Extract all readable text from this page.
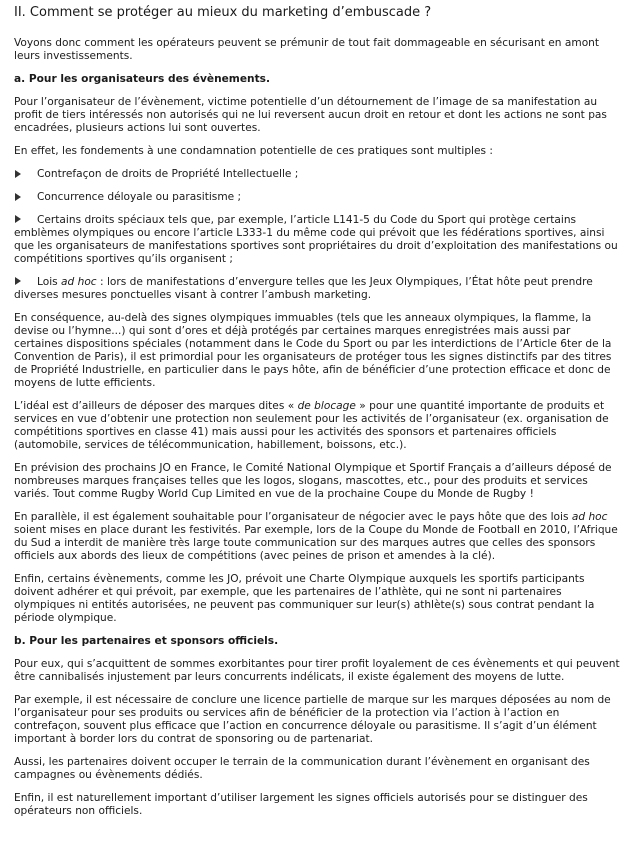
II. Comment se protéger au mieux du marketing d’embuscade ?

Voyons donc comment les opérateurs peuvent se prémunir de tout fait dommageable en sécurisant en amont leurs investissements.

a. Pour les organisateurs des évènements.

Pour l’organisateur de l’évènement, victime potentielle d’un détournement de l’image de sa manifestation au profit de tiers intéressés non autorisés qui ne lui reversent aucun droit en retour et dont les actions ne sont pas encadrées, plusieurs actions lui sont ouvertes.

En effet, les fondements à une condamnation potentielle de ces pratiques sont multiples :

Contrefaçon de droits de Propriété Intellectuelle ;
Concurrence déloyale ou parasitisme ;
Certains droits spéciaux tels que, par exemple, l’article L141-5 du Code du Sport qui protège certains emblèmes olympiques ou encore l’article L333-1 du même code qui prévoit que les fédérations sportives, ainsi que les organisateurs de manifestations sportives sont propriétaires du droit d’exploitation des manifestations ou compétitions sportives qu’ils organisent ;
Lois ad hoc : lors de manifestations d’envergure telles que les Jeux Olympiques, l’État hôte peut prendre diverses mesures ponctuelles visant à contrer l’ambush marketing.

En conséquence, au-delà des signes olympiques immuables (tels que les anneaux olympiques, la flamme, la devise ou l’hymne...) qui sont d’ores et déjà protégés par certaines marques enregistrées mais aussi par certaines dispositions spéciales (notamment dans le Code du Sport ou par les interdictions de l’Article 6ter de la Convention de Paris), il est primordial pour les organisateurs de protéger tous les signes distinctifs par des titres de Propriété Industrielle, en particulier dans le pays hôte, afin de bénéficier d’une protection efficace et donc de moyens de lutte efficients.

L’idéal est d’ailleurs de déposer des marques dites « de blocage » pour une quantité importante de produits et services en vue d’obtenir une protection non seulement pour les activités de l’organisateur (ex. organisation de compétitions sportives en classe 41) mais aussi pour les activités des sponsors et partenaires officiels (automobile, services de télécommunication, habillement, boissons, etc.).

En prévision des prochains JO en France, le Comité National Olympique et Sportif Français a d’ailleurs déposé de nombreuses marques françaises telles que les logos, slogans, mascottes, etc., pour des produits et services variés. Tout comme Rugby World Cup Limited en vue de la prochaine Coupe du Monde de Rugby !

En parallèle, il est également souhaitable pour l’organisateur de négocier avec le pays hôte que des lois ad hoc soient mises en place durant les festivités. Par exemple, lors de la Coupe du Monde de Football en 2010, l’Afrique du Sud a interdit de manière très large toute communication sur des marques autres que celles des sponsors officiels aux abords des lieux de compétitions (avec peines de prison et amendes à la clé).

Enfin, certains évènements, comme les JO, prévoit une Charte Olympique auxquels les sportifs participants doivent adhérer et qui prévoit, par exemple, que les partenaires de l’athlète, qui ne sont ni partenaires olympiques ni entités autorisées, ne peuvent pas communiquer sur leur(s) athlète(s) sous contrat pendant la période olympique.

b. Pour les partenaires et sponsors officiels.

Pour eux, qui s’acquittent de sommes exorbitantes pour tirer profit loyalement de ces évènements et qui peuvent être cannibalisés injustement par leurs concurrents indélicats, il existe également des moyens de lutte.

Par exemple, il est nécessaire de conclure une licence partielle de marque sur les marques déposées au nom de l’organisateur pour ses produits ou services afin de bénéficier de la protection via l’action à l’action en contrefaçon, souvent plus efficace que l’action en concurrence déloyale ou parasitisme. Il s’agit d’un élément important à border lors du contrat de sponsoring ou de partenariat.

Aussi, les partenaires doivent occuper le terrain de la communication durant l’évènement en organisant des campagnes ou évènements dédiés.

Enfin, il est naturellement important d’utiliser largement les signes officiels autorisés pour se distinguer des opérateurs non officiels.
